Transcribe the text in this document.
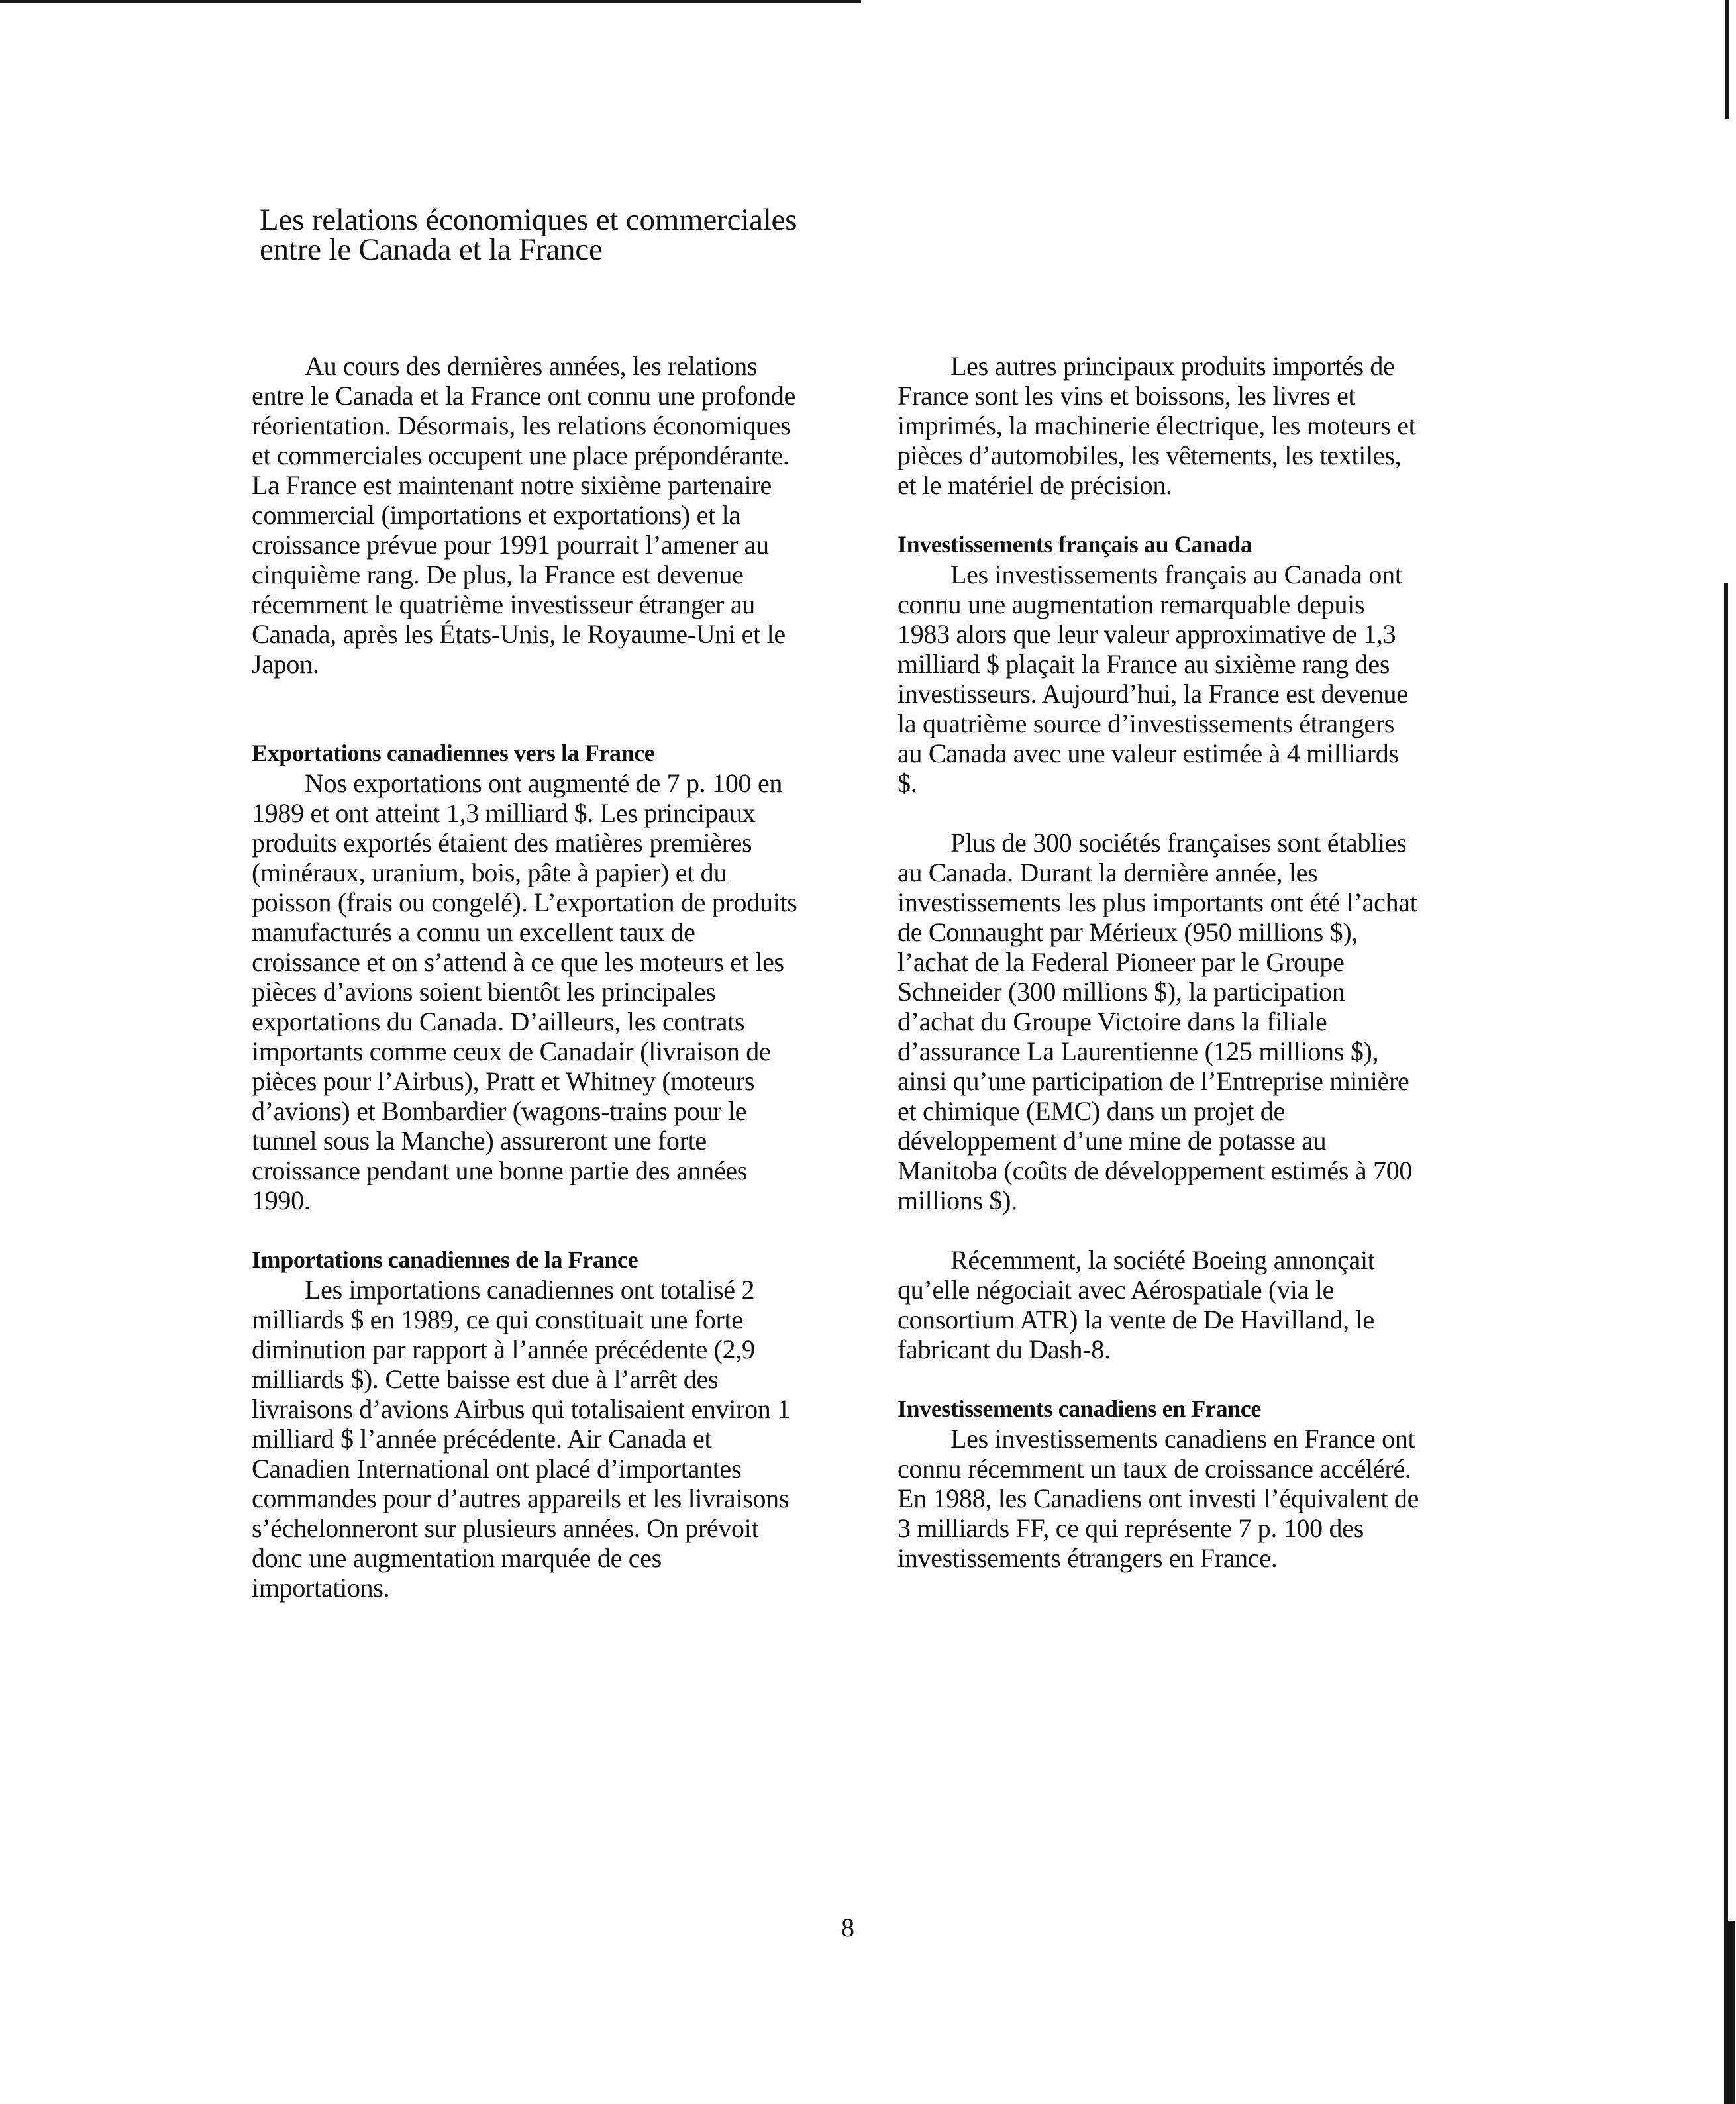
Les relations économiques et commerciales entre le Canada et la France

Au cours des dernières années, les relations entre le Canada et la France ont connu une profonde réorientation. Désormais, les relations économiques et commerciales occupent une place prépondérante. La France est maintenant notre sixième partenaire commercial (importations et exportations) et la croissance prévue pour 1991 pourrait l’amener au cinquième rang. De plus, la France est devenue récemment le quatrième investisseur étranger au Canada, après les États-Unis, le Royaume-Uni et le Japon.

Exportations canadiennes vers la France

Nos exportations ont augmenté de 7 p. 100 en 1989 et ont atteint 1,3 milliard $. Les principaux produits exportés étaient des matières premières (minéraux, uranium, bois, pâte à papier) et du poisson (frais ou congelé). L’exportation de produits manufacturés a connu un excellent taux de croissance et on s’attend à ce que les moteurs et les pièces d’avions soient bientôt les principales exportations du Canada. D’ailleurs, les contrats importants comme ceux de Canadair (livraison de pièces pour l’Airbus), Pratt et Whitney (moteurs d’avions) et Bombardier (wagons-trains pour le tunnel sous la Manche) assureront une forte croissance pendant une bonne partie des années 1990.

Importations canadiennes de la France

Les importations canadiennes ont totalisé 2 milliards $ en 1989, ce qui constituait une forte diminution par rapport à l’année précédente (2,9 milliards $). Cette baisse est due à l’arrêt des livraisons d’avions Airbus qui totalisaient environ 1 milliard $ l’année précédente. Air Canada et Canadien International ont placé d’importantes commandes pour d’autres appareils et les livraisons s’échelonneront sur plusieurs années. On prévoit donc une augmentation marquée de ces importations.

Les autres principaux produits importés de France sont les vins et boissons, les livres et imprimés, la machinerie électrique, les moteurs et pièces d’automobiles, les vêtements, les textiles, et le matériel de précision.

Investissements français au Canada

Les investissements français au Canada ont connu une augmentation remarquable depuis 1983 alors que leur valeur approximative de 1,3 milliard $ plaçait la France au sixième rang des investisseurs. Aujourd’hui, la France est devenue la quatrième source d’investissements étrangers au Canada avec une valeur estimée à 4 milliards $.

Plus de 300 sociétés françaises sont établies au Canada. Durant la dernière année, les investissements les plus importants ont été l’achat de Connaught par Mérieux (950 millions $), l’achat de la Federal Pioneer par le Groupe Schneider (300 millions $), la participation d’achat du Groupe Victoire dans la filiale d’assurance La Laurentienne (125 millions $), ainsi qu’une participation de l’Entreprise minière et chimique (EMC) dans un projet de développement d’une mine de potasse au Manitoba (coûts de développement estimés à 700 millions $).

Récemment, la société Boeing annonçait qu’elle négociait avec Aérospatiale (via le consortium ATR) la vente de De Havilland, le fabricant du Dash-8.

Investissements canadiens en France

Les investissements canadiens en France ont connu récemment un taux de croissance accéléré. En 1988, les Canadiens ont investi l’équivalent de 3 milliards FF, ce qui représente 7 p. 100 des investissements étrangers en France.

8
